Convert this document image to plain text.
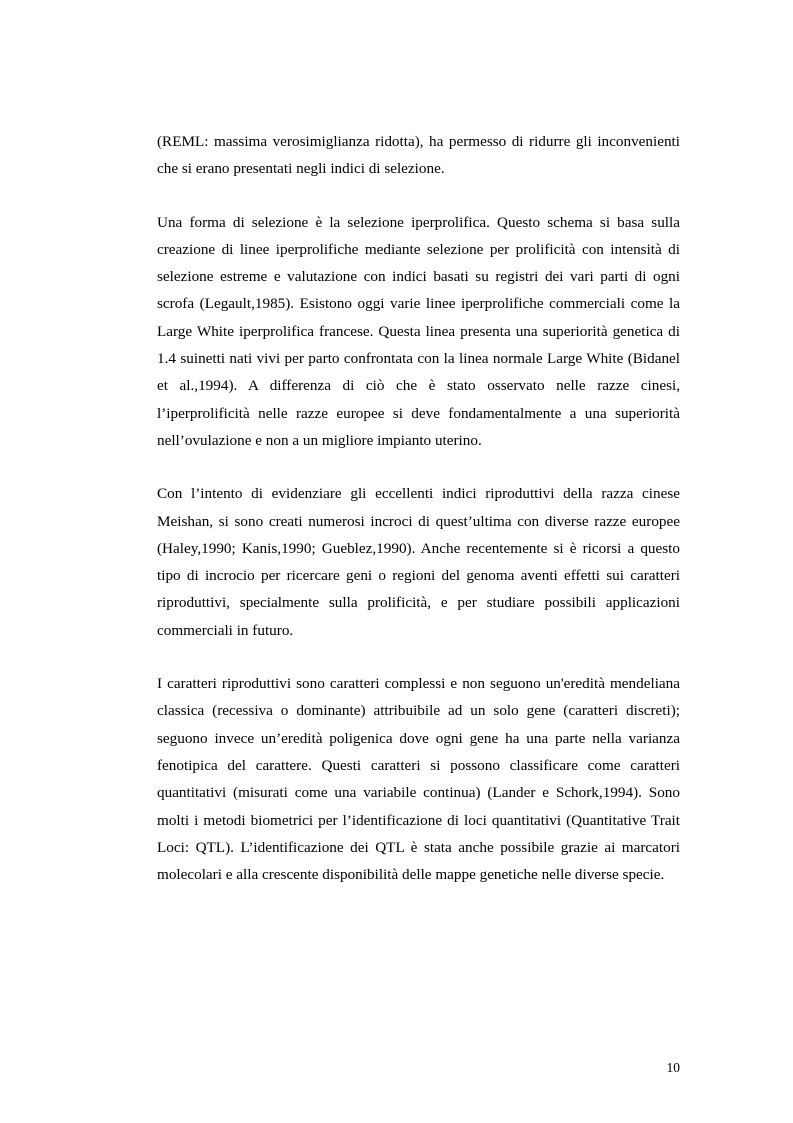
(REML: massima verosimiglianza ridotta), ha permesso di ridurre gli inconvenienti che si erano presentati negli indici di selezione.

Una forma di selezione è la selezione iperprolifica. Questo schema si basa sulla creazione di linee iperprolifiche mediante selezione per prolificità con intensità di selezione estreme e valutazione con indici basati su registri dei vari parti di ogni scrofa (Legault,1985). Esistono oggi varie linee iperprolifiche commerciali come la Large White iperprolifica francese. Questa linea presenta una superiorità genetica di 1.4 suinetti nati vivi per parto confrontata con la linea normale Large White (Bidanel et al.,1994). A differenza di ciò che è stato osservato nelle razze cinesi, l’iperprolificità nelle razze europee si deve fondamentalmente a una superiorità nell’ovulazione e non a un migliore impianto uterino.

Con l’intento di evidenziare gli eccellenti indici riproduttivi della razza cinese Meishan, si sono creati numerosi incroci di quest’ultima con diverse razze europee (Haley,1990; Kanis,1990; Gueblez,1990). Anche recentemente si è ricorsi a questo tipo di incrocio per ricercare geni o regioni del genoma aventi effetti sui caratteri riproduttivi, specialmente sulla prolificità, e per studiare possibili applicazioni commerciali in futuro.

I caratteri riproduttivi sono caratteri complessi e non seguono un'eredità mendeliana classica (recessiva o dominante) attribuibile ad un solo gene (caratteri discreti); seguono invece un’eredità poligenica dove ogni gene ha una parte nella varianza fenotipica del carattere. Questi caratteri si possono classificare come caratteri quantitativi (misurati come una variabile continua) (Lander e Schork,1994). Sono molti i metodi biometrici per l’identificazione di loci quantitativi (Quantitative Trait Loci: QTL). L’identificazione dei QTL è stata anche possibile grazie ai marcatori molecolari e alla crescente disponibilità delle mappe genetiche nelle diverse specie.

10
